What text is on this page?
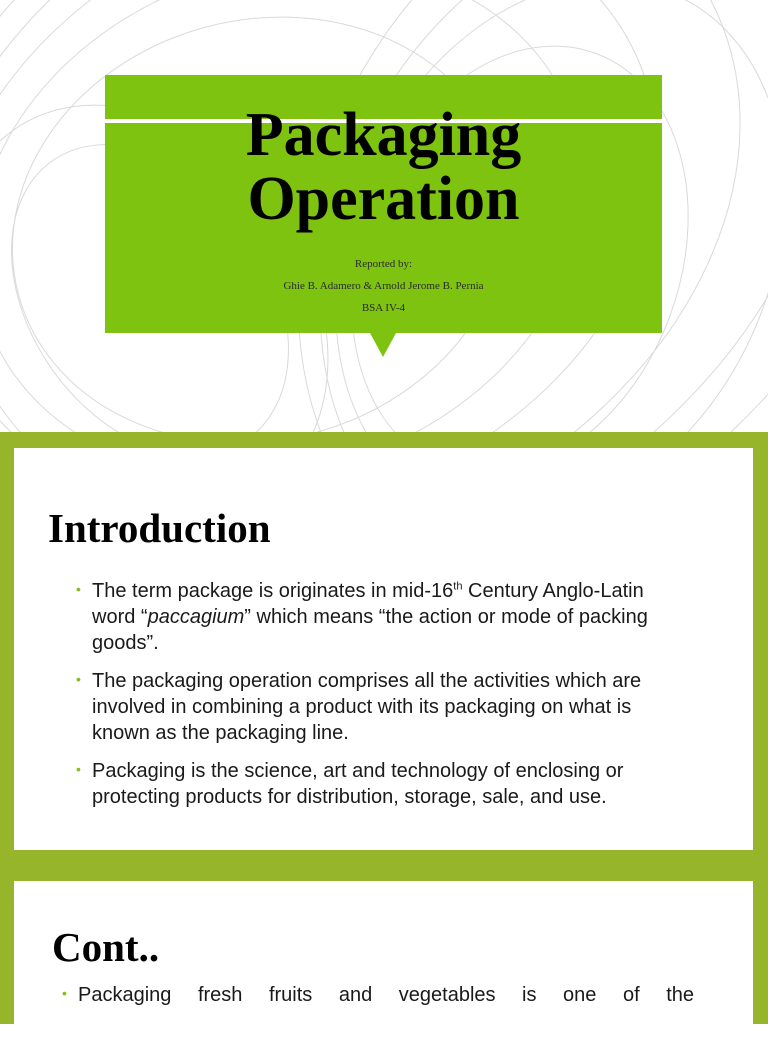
Packaging
Operation
Reported by:
Ghie B. Adamero & Arnold Jerome B. Pernia
BSA IV-4
Introduction
• The term package is originates in mid-16th Century Anglo-Latin word “paccagium” which means “the action or mode of packing goods”.
• The packaging operation comprises all the activities which are involved in combining a product with its packaging on what is known as the packaging line.
• Packaging is the science, art and technology of enclosing or protecting products for distribution, storage, sale, and use.
Cont..
• Packaging fresh fruits and vegetables is one of the
